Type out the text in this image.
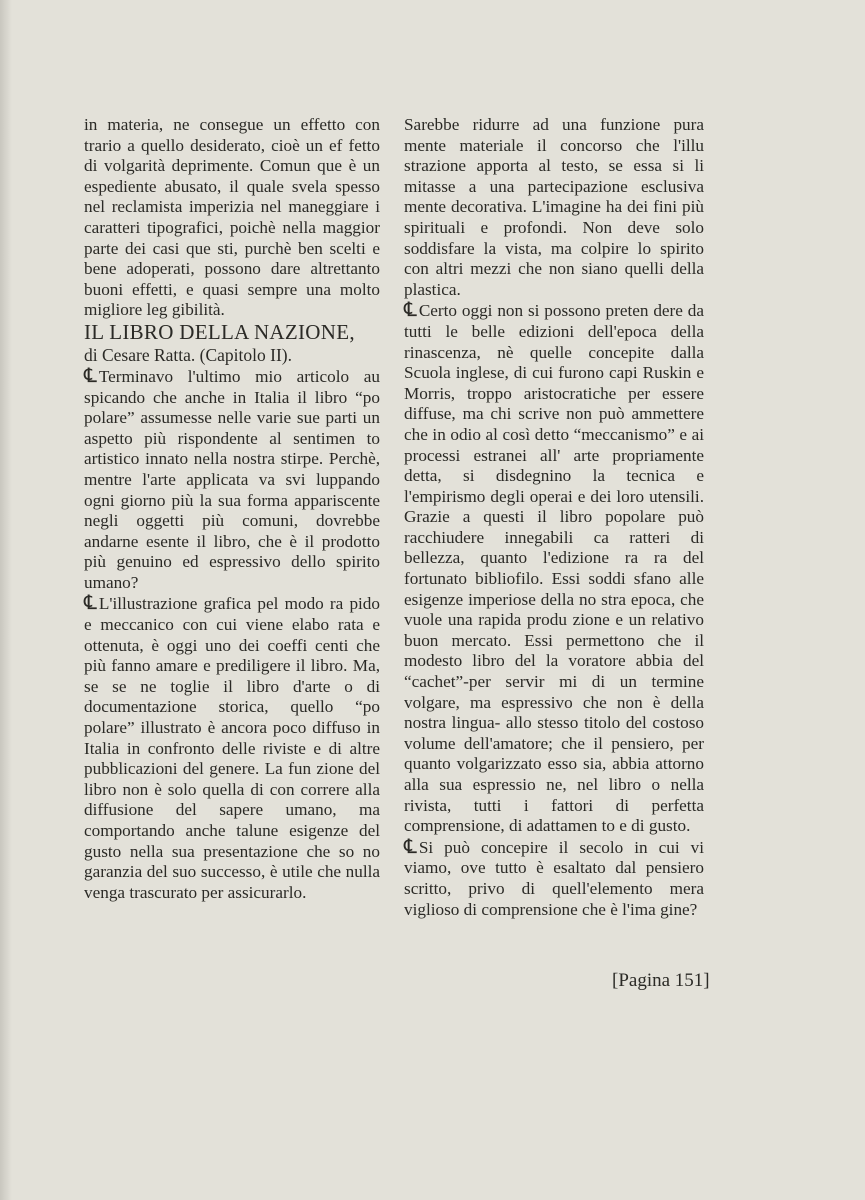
in materia, ne consegue un effetto con trario a quello desiderato, cioè un ef fetto di volgarità deprimente. Comun que è un espediente abusato, il quale svela spesso nel reclamista imperizia nel maneggiare i caratteri tipografici, poichè nella maggior parte dei casi que sti, purchè ben scelti e bene adoperati, possono dare altrettanto buoni effetti, e quasi sempre una molto migliore leg gibilità.

IL LIBRO DELLA NAZIONE,

di Cesare Ratta. (Capitolo II).

℄ Terminavo l'ultimo mio articolo au spicando che anche in Italia il libro “po polare” assumesse nelle varie sue parti un aspetto più rispondente al sentimen to artistico innato nella nostra stirpe. Perchè, mentre l'arte applicata va svi luppando ogni giorno più la sua forma appariscente negli oggetti più comuni, dovrebbe andarne esente il libro, che è il prodotto più genuino ed espressivo dello spirito umano?

℄ L'illustrazione grafica pel modo ra pido e meccanico con cui viene elabo rata e ottenuta, è oggi uno dei coeffi centi che più fanno amare e prediligere il libro. Ma, se se ne toglie il libro d'arte o di documentazione storica, quello “po polare” illustrato è ancora poco diffuso in Italia in confronto delle riviste e di altre pubblicazioni del genere. La fun zione del libro non è solo quella di con correre alla diffusione del sapere umano, ma comportando anche talune esigenze del gusto nella sua presentazione che so no garanzia del suo successo, è utile che nulla venga trascurato per assicurarlo.

Sarebbe ridurre ad una funzione pura mente materiale il concorso che l'illu strazione apporta al testo, se essa si li mitasse a una partecipazione esclusiva mente decorativa. L'imagine ha dei fini più spirituali e profondi. Non deve solo soddisfare la vista, ma colpire lo spirito con altri mezzi che non siano quelli della plastica.

℄ Certo oggi non si possono preten dere da tutti le belle edizioni dell'epoca della rinascenza, nè quelle concepite dalla Scuola inglese, di cui furono capi Ruskin e Morris, troppo aristocratiche per essere diffuse, ma chi scrive non può ammettere che in odio al così detto “meccanismo” e ai processi estranei all' arte propriamente detta, si disdegnino la tecnica e l'empirismo degli operai e dei loro utensili. Grazie a questi il libro popolare può racchiudere innegabili ca ratteri di bellezza, quanto l'edizione ra ra del fortunato bibliofilo. Essi soddi sfano alle esigenze imperiose della no stra epoca, che vuole una rapida produ zione e un relativo buon mercato. Essi permettono che il modesto libro del la voratore abbia del “cachet”-per servir mi di un termine volgare, ma espressivo che non è della nostra lingua- allo stesso titolo del costoso volume dell'amatore; che il pensiero, per quanto volgarizzato esso sia, abbia attorno alla sua espressio ne, nel libro o nella rivista, tutti i fattori di perfetta comprensione, di adattamen to e di gusto.

℄ Si può concepire il secolo in cui vi viamo, ove tutto è esaltato dal pensiero scritto, privo di quell'elemento mera viglioso di comprensione che è l'ima gine?

[Pagina 151]
